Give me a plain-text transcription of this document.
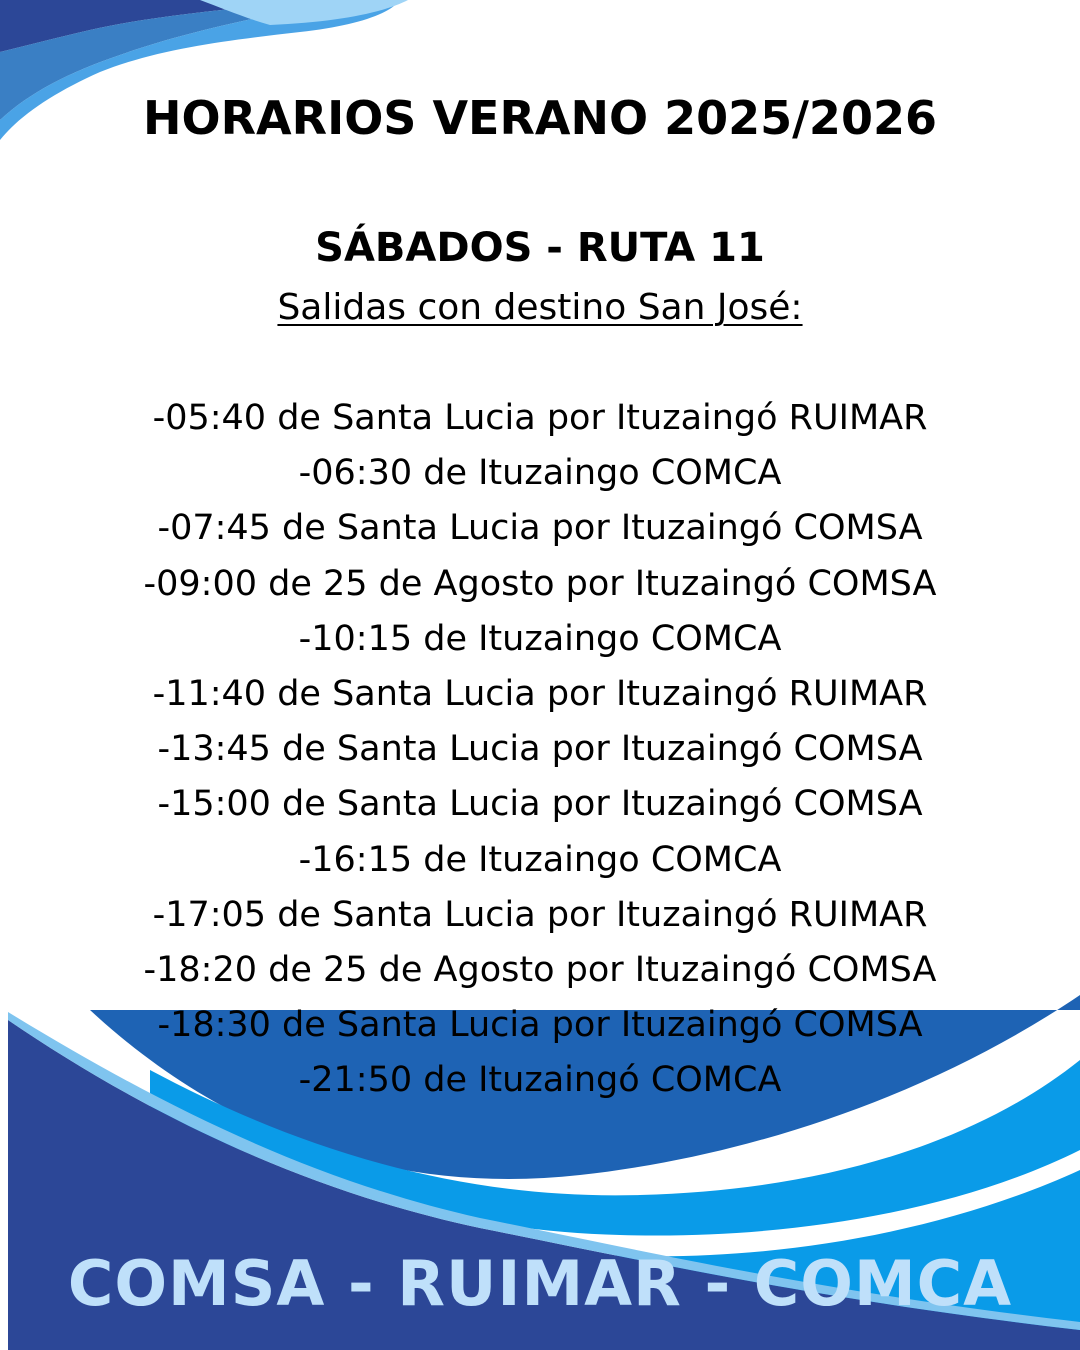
HORARIOS VERANO 2025/2026
SÁBADOS - RUTA 11
Salidas con destino San José:
-05:40 de Santa Lucia por Ituzaingó RUIMAR
-06:30 de Ituzaingo COMCA
-07:45 de Santa Lucia por Ituzaingó COMSA
-09:00 de 25 de Agosto por Ituzaingó COMSA
-10:15 de Ituzaingo COMCA
-11:40 de Santa Lucia por Ituzaingó RUIMAR
-13:45 de Santa Lucia por Ituzaingó COMSA
-15:00 de Santa Lucia por Ituzaingó COMSA
-16:15 de Ituzaingo COMCA
-17:05 de Santa Lucia por Ituzaingó RUIMAR
-18:20 de 25 de Agosto por Ituzaingó COMSA
-18:30 de Santa Lucia por Ituzaingó COMSA
-21:50 de Ituzaingó COMCA
COMSA - RUIMAR - COMCA
